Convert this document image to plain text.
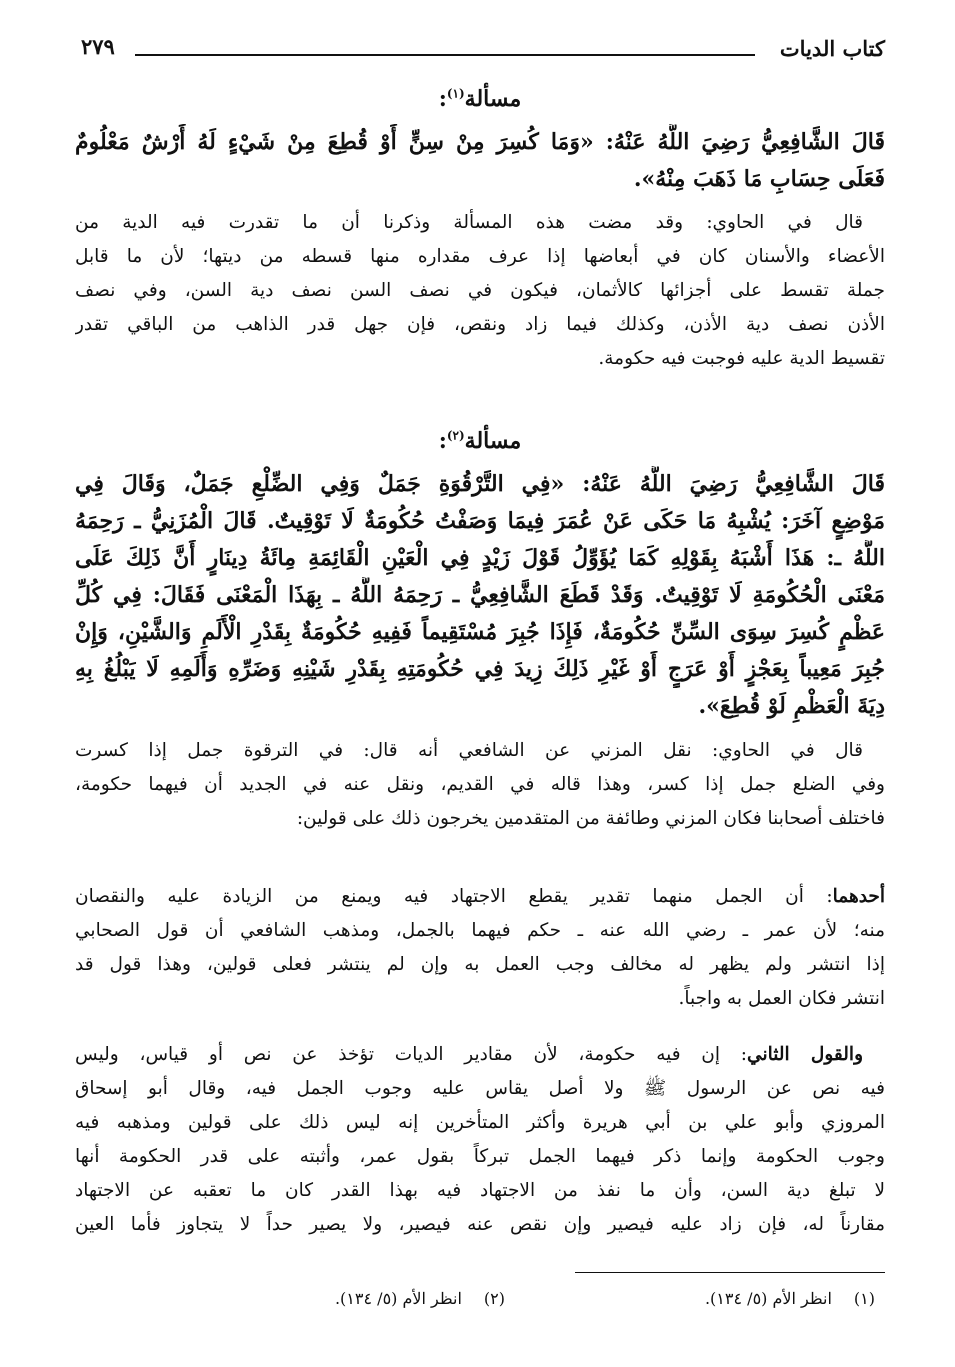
كتاب الديات
٢٧٩
مسألة$^{(١)}$:
قَالَ الشَّافِعِيُّ رَضِيَ اللَّهُ عَنْهُ: «وَمَا كُسِرَ مِنْ سِنٍّ أَوْ قُطِعَ مِنْ شَيْءٍ لَهُ أَرْشٌ مَعْلُومٌ
فَعَلَى حِسَابِ مَا ذَهَبَ مِنْهُ».
قال في الحاوي: وقد مضت هذه المسألة وذكرنا أن ما تقدرت فيه الدية من
الأعضاء والأسنان كان في أبعاضها إذا عرف مقداره منها قسطه من ديتها؛ لأن ما قابل
جملة تقسط على أجزائها كالأثمان، فيكون في نصف السن نصف دية السن، وفي نصف
الأذن نصف دية الأذن، وكذلك فيما زاد ونقص، فإن جهل قدر الذاهب من الباقي تقدر
تقسيط الدية عليه فوجبت فيه حكومة.
مسألة$^{(٢)}$:
قَالَ الشَّافِعِيُّ رَضِيَ اللَّهُ عَنْهُ: «فِي التَّرْقُوَةِ جَمَلٌ وَفِي الضِّلْعِ جَمَلٌ، وَقَالَ فِي
مَوْضِعٍ آخَرَ: يُشْبِهُ مَا حَكَى عَنْ عُمَرَ فِيمَا وَصَفْتُ حُكُومَةٌ لَا تَوْقِيتٌ. قَالَ الْمُزَنِيُّ ـ رَحِمَهُ
اللَّهُ ـ: هَذَا أَشْبَهُ بِقَوْلِهِ كَمَا يُؤَوِّلُ قَوْلَ زَيْدٍ فِي الْعَيْنِ الْقَائِمَةِ مِائَةُ دِينَارٍ أَنَّ ذَلِكَ عَلَى
مَعْنَى الْحُكُومَةِ لَا تَوْقِيتٌ. وَقَدْ قَطَعَ الشَّافِعِيُّ ـ رَحِمَهُ اللَّهُ ـ بِهَذَا الْمَعْنَى فَقَالَ: فِي كُلِّ
عَظْمٍ كُسِرَ سِوَى السِّنِّ حُكُومَةٌ، فَإِذَا جُبِرَ مُسْتَقِيماً فَفِيهِ حُكُومَةٌ بِقَدْرِ الْأَلَمِ وَالشَّيْنِ، وَإِنْ
جُبِرَ مَعِيباً بِعَجْزٍ أَوْ عَرَجٍ أَوْ غَيْرِ ذَلِكَ زِيدَ فِي حُكُومَتِهِ بِقَدْرِ شَيْنِهِ وَضَرِّهِ وَأَلَمِهِ لَا يَبْلُغُ بِهِ
دِيَةَ الْعَظْمِ لَوْ قُطِعَ».
قال في الحاوي: نقل المزني عن الشافعي أنه قال: في الترقوة جمل إذا كسرت
وفي الضلع جمل إذا كسر، وهذا قاله في القديم، ونقل عنه في الجديد أن فيهما حكومة،
فاختلف أصحابنا فكان المزني وطائفة من المتقدمين يخرجون ذلك على قولين:
أحدهما: أن الجمل منهما تقدير يقطع الاجتهاد فيه ويمنع من الزيادة عليه والنقصان
منه؛ لأن عمر ـ رضي الله عنه ـ حكم فيهما بالجمل، ومذهب الشافعي أن قول الصحابي
إذا انتشر ولم يظهر له مخالف وجب العمل به وإن لم ينتشر فعلى قولين، وهذا قول قد
انتشر فكان العمل به واجباً.
والقول الثاني: إن فيه حكومة، لأن مقادير الديات تؤخذ عن نص أو قياس، وليس
فيه نص عن الرسول ﷺ ولا أصل يقاس عليه وجوب الجمل فيه، وقال أبو إسحاق
المروزي وأبو علي بن أبي هريرة وأكثر المتأخرين إنه ليس ذلك على قولين ومذهبه فيه
وجوب الحكومة وإنما ذكر فيهما الجمل تبركاً بقول عمر، وأثبته على قدر الحكومة أنها
لا تبلغ دية السن، وأن ما نفذ من الاجتهاد فيه بهذا القدر كان ما تعقبه عن الاجتهاد
مقارناً له، فإن زاد عليه فيصير وإن نقص عنه فيصير، ولا يصير حداً لا يتجاوز فأما العين
(١)انظر الأم (٥/ ١٣٤).
(٢)انظر الأم (٥/ ١٣٤).
